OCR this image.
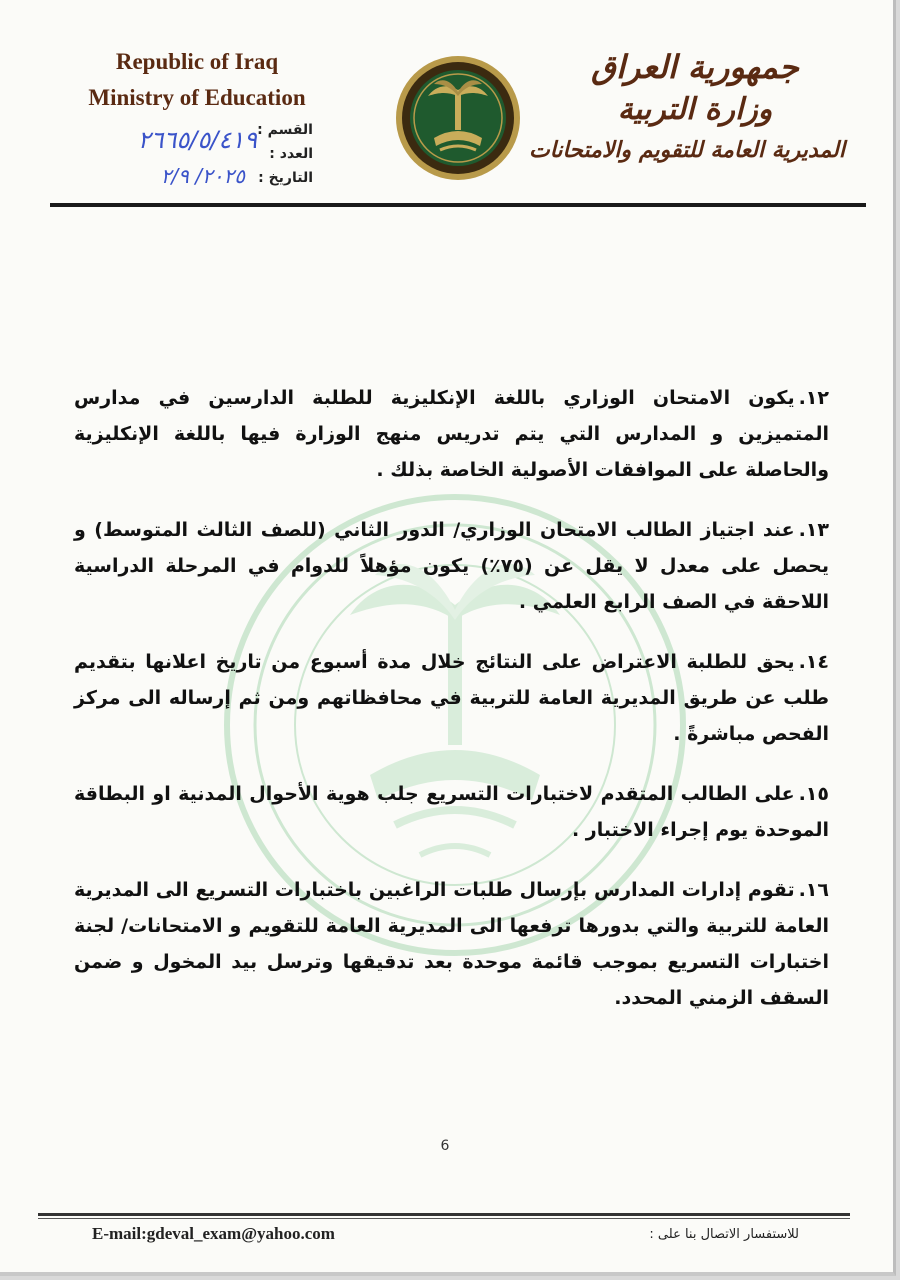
Republic of Iraq
Ministry of Education
القسم :
العدد :
٢٦٦٥/٥/٤١٩
التاريخ :
٢٠٢٥/ ٢/٩
جمهورية العراق
وزارة التربية
المديرية العامة للتقويم والامتحانات
١٢.يكون الامتحان الوزاري باللغة الإنكليزية للطلبة الدارسين في مدارس المتميزين و المدارس التي يتم تدريس منهج الوزارة فيها باللغة الإنكليزية والحاصلة على الموافقات الأصولية الخاصة بذلك .
١٣.عند اجتياز الطالب الامتحان الوزاري/ الدور الثاني (للصف الثالث المتوسط) و يحصل على معدل لا يقل عن (٧٥٪) يكون مؤهلاً للدوام في المرحلة الدراسية اللاحقة في الصف الرابع العلمي .
١٤.يحق للطلبة الاعتراض على النتائج خلال مدة أسبوع من تاريخ اعلانها بتقديم طلب عن طريق المديرية العامة للتربية في محافظاتهم ومن ثم إرساله الى مركز الفحص مباشرةً .
١٥.على الطالب المتقدم لاختبارات التسريع جلب هوية الأحوال المدنية او البطاقة الموحدة يوم إجراء الاختبار .
١٦.تقوم إدارات المدارس بإرسال طلبات الراغبين باختبارات التسريع الى المديرية العامة للتربية والتي بدورها ترفعها الى المديرية العامة للتقويم و الامتحانات/ لجنة اختبارات التسريع بموجب قائمة موحدة بعد تدقيقها وترسل بيد المخول و ضمن السقف الزمني المحدد.
6
E-mail:gdeval_exam@yahoo.com	للاستفسار الاتصال بنا على :
